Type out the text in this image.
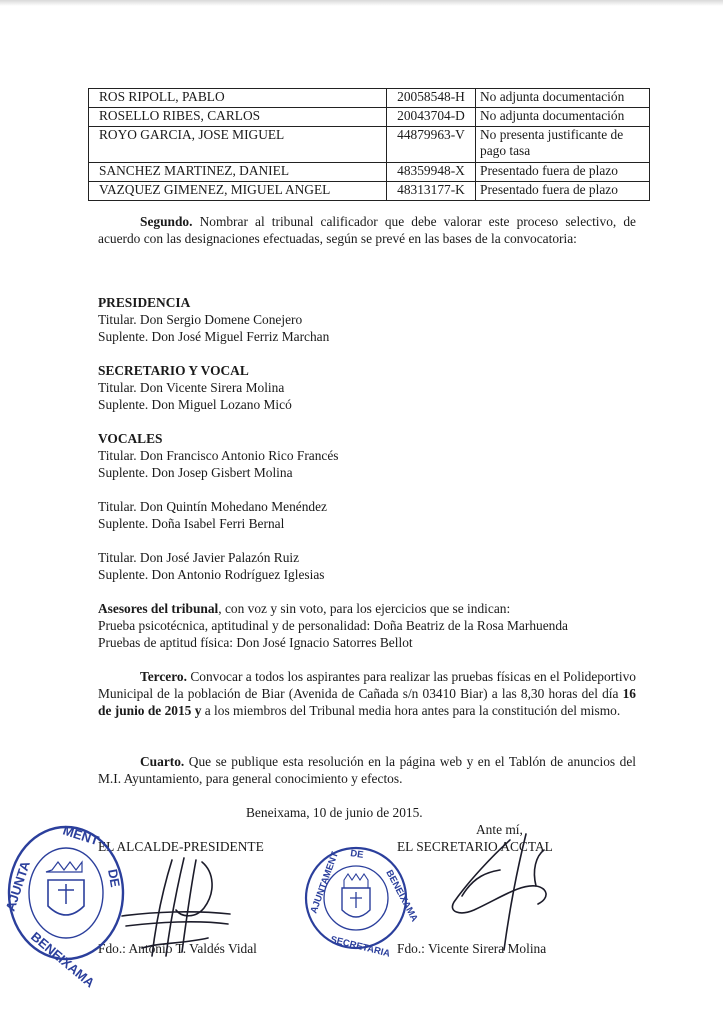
ROS RIPOLL, PABLO	20058548-H	No adjunta documentación
ROSELLO RIBES, CARLOS	20043704-D	No adjunta documentación
ROYO GARCIA, JOSE MIGUEL	44879963-V	No presenta justificante de pago tasa
SANCHEZ MARTINEZ, DANIEL	48359948-X	Presentado fuera de plazo
VAZQUEZ GIMENEZ, MIGUEL ANGEL	48313177-K	Presentado fuera de plazo

Segundo. Nombrar al tribunal calificador que debe valorar este proceso selectivo, de acuerdo con las designaciones efectuadas, según se prevé en las bases de la convocatoria:

PRESIDENCIA
Titular. Don Sergio Domene Conejero
Suplente. Don José Miguel Ferriz Marchan
SECRETARIO Y VOCAL
Titular. Don Vicente Sirera Molina
Suplente. Don Miguel Lozano Micó
VOCALES
Titular. Don Francisco Antonio Rico Francés
Suplente. Don Josep Gisbert Molina
Titular. Don Quintín Mohedano Menéndez
Suplente. Doña Isabel Ferri Bernal
Titular. Don José Javier Palazón Ruiz
Suplente. Don Antonio Rodríguez Iglesias
Asesores del tribunal, con voz y sin voto, para los ejercicios que se indican:
Prueba psicotécnica, aptitudinal y de personalidad: Doña Beatriz de la Rosa Marhuenda
Pruebas de aptitud física: Don José Ignacio Satorres Bellot

Tercero. Convocar a todos los aspirantes para realizar las pruebas físicas en el Polideportivo Municipal de la población de Biar (Avenida de Cañada s/n 03410 Biar) a las 8,30 horas del día 16 de junio de 2015 y a los miembros del Tribunal media hora antes para la constitución del mismo.

Cuarto. Que se publique esta resolución en la página web y en el Tablón de anuncios del M.I. Ayuntamiento, para general conocimiento y efectos.

Beneixama, 10 de junio de 2015.
Ante mí,
EL ALCALDE-PRESIDENTE	EL SECRETARIO ACCTAL
Fdo.: Antonio T. Valdés Vidal	Fdo.: Vicente Sirera Molina
AJUNTA
MENT
DE
BENEIXAMA
AJUNTAMENT DE
BENEIXAMA
SECRETARIA
